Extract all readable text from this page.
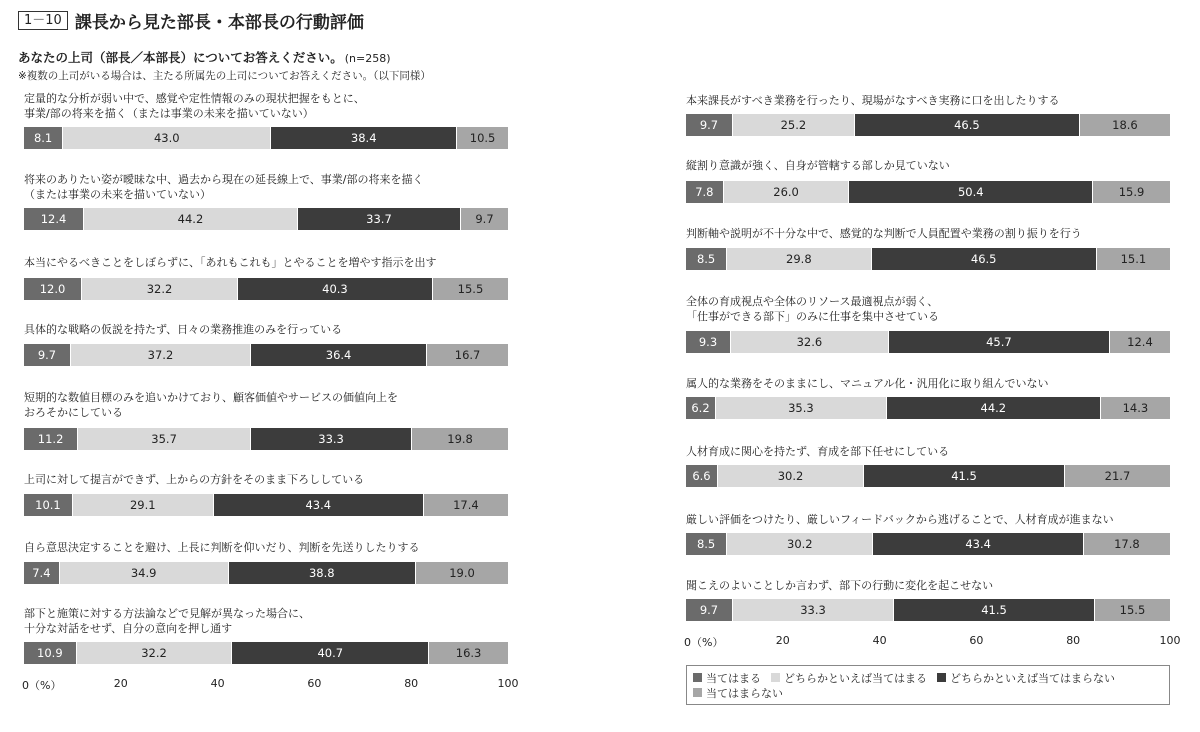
1－10 課長から見た部長・本部長の行動評価
あなたの上司（部長／本部長）についてお答えください。 (n=258)
※複数の上司がいる場合は、主たる所属先の上司についてお答えください。（以下同様）
定量的な分析が弱い中で、感覚や定性情報のみの現状把握をもとに、
事業/部の将来を描く（または事業の未来を描いていない）
8.1	43.0	38.4	10.5
将来のありたい姿が曖昧な中、過去から現在の延長線上で、事業/部の将来を描く
（または事業の未来を描いていない）
12.4	44.2	33.7	9.7
本当にやるべきことをしぼらずに、「あれもこれも」とやることを増やす指示を出す
12.0	32.2	40.3	15.5
具体的な戦略の仮説を持たず、日々の業務推進のみを行っている
9.7	37.2	36.4	16.7
短期的な数値目標のみを追いかけており、顧客価値やサービスの価値向上を
おろそかにしている
11.2	35.7	33.3	19.8
上司に対して提言ができず、上からの方針をそのまま下ろししている
10.1	29.1	43.4	17.4
自ら意思決定することを避け、上長に判断を仰いだり、判断を先送りしたりする
7.4	34.9	38.8	19.0
部下と施策に対する方法論などで見解が異なった場合に、
十分な対話をせず、自分の意向を押し通す
10.9	32.2	40.7	16.3
0（%）	20	40	60	80	100
本来課長がすべき業務を行ったり、現場がなすべき実務に口を出したりする
9.7	25.2	46.5	18.6
縦割り意識が強く、自身が管轄する部しか見ていない
7.8	26.0	50.4	15.9
判断軸や説明が不十分な中で、感覚的な判断で人員配置や業務の割り振りを行う
8.5	29.8	46.5	15.1
全体の育成視点や全体のリソース最適視点が弱く、
「仕事ができる部下」のみに仕事を集中させている
9.3	32.6	45.7	12.4
属人的な業務をそのままにし、マニュアル化・汎用化に取り組んでいない
6.2	35.3	44.2	14.3
人材育成に関心を持たず、育成を部下任せにしている
6.6	30.2	41.5	21.7
厳しい評価をつけたり、厳しいフィードバックから逃げることで、人材育成が進まない
8.5	30.2	43.4	17.8
聞こえのよいことしか言わず、部下の行動に変化を起こせない
9.7	33.3	41.5	15.5
0（%）	20	40	60	80	100
当てはまる どちらかといえば当てはまる どちらかといえば当てはまらない
当てはまらない
